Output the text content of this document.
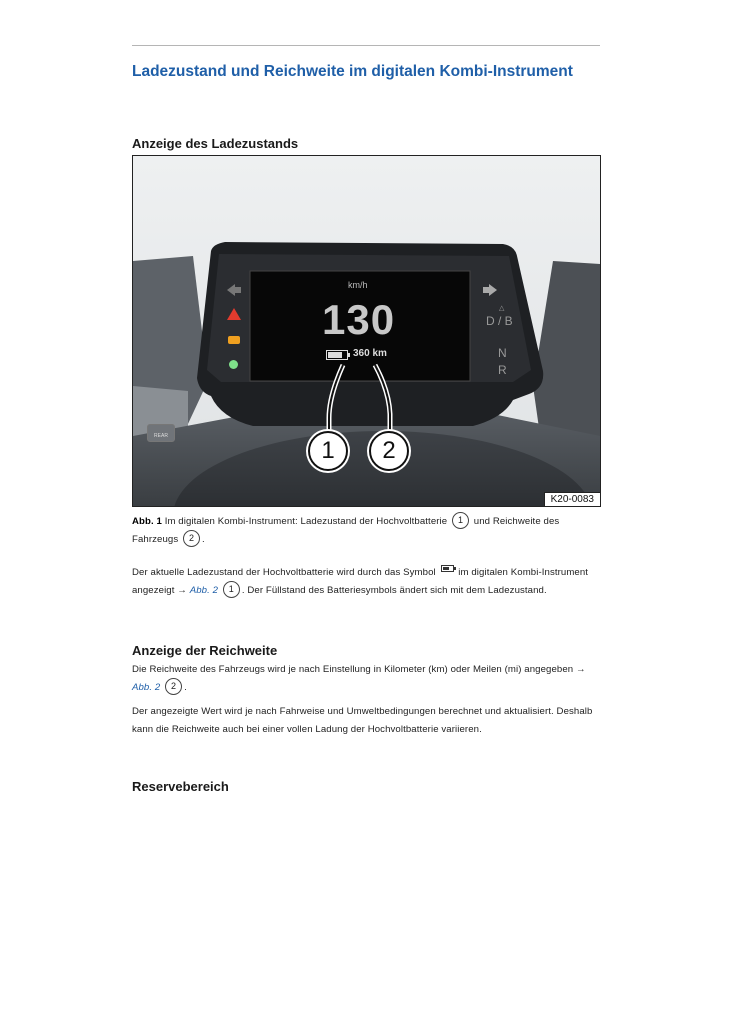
Ladezustand und Reichweite im digitalen Kombi-Instrument
Anzeige des Ladezustands
km/h
130
360 km
△
D / B
N
R
REAR
1	2
K20-0083
Abb. 1 Im digitalen Kombi-Instrument: Ladezustand der Hochvoltbatterie 1 und Reichweite des Fahrzeugs 2 .
Der aktuelle Ladezustand der Hochvoltbatterie wird durch das Symbol im digitalen Kombi-Instrument angezeigt → Abb. 2 1 . Der Füllstand des Batteriesymbols ändert sich mit dem Ladezustand.
Anzeige der Reichweite
Die Reichweite des Fahrzeugs wird je nach Einstellung in Kilometer (km) oder Meilen (mi) angegeben → Abb. 2 2 .
Der angezeigte Wert wird je nach Fahrweise und Umweltbedingungen berechnet und aktualisiert. Deshalb kann die Reichweite auch bei einer vollen Ladung der Hochvoltbatterie variieren.
Reservebereich
